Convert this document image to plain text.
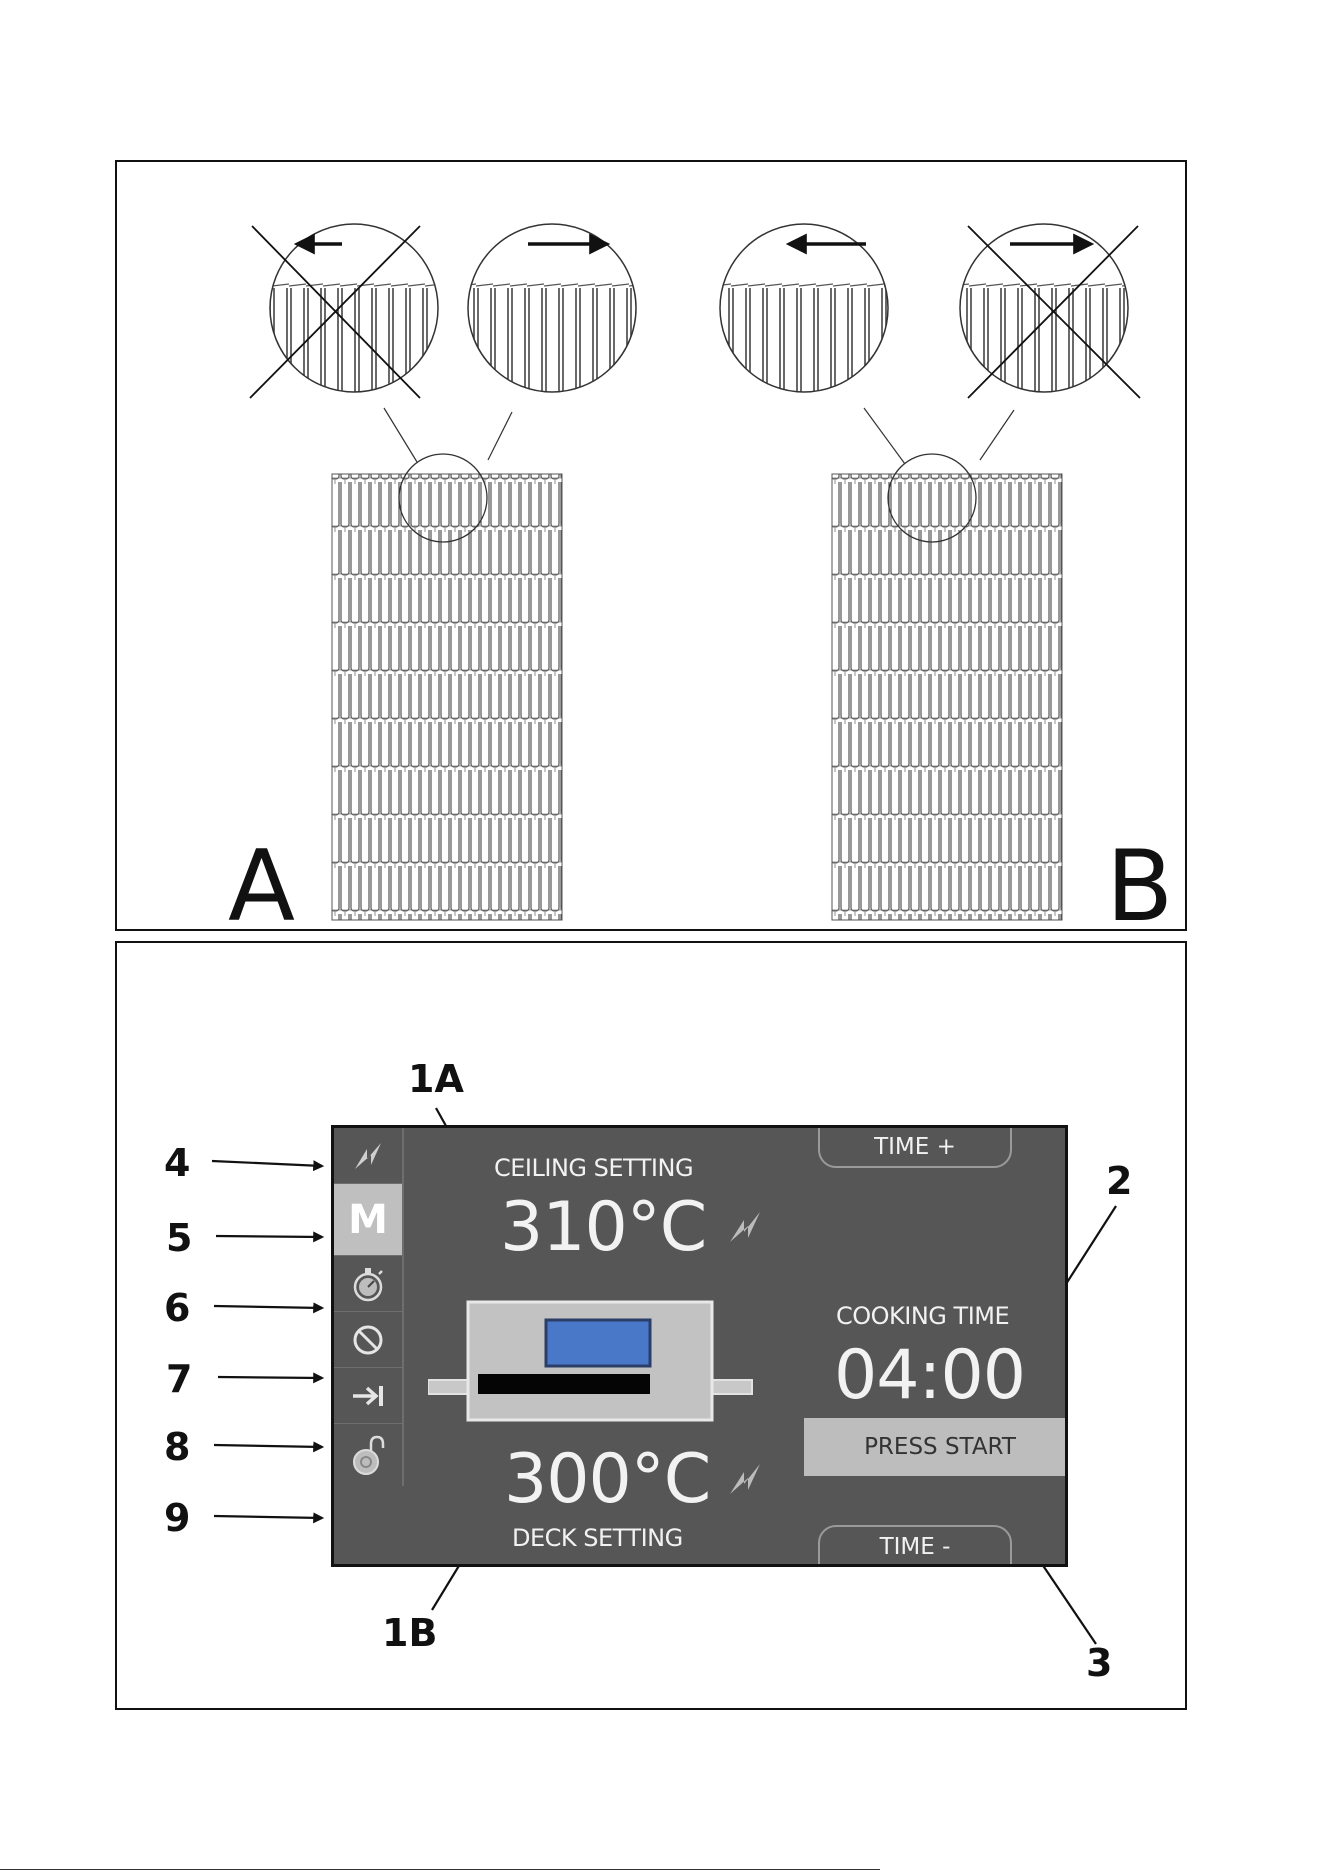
A	B
M
CEILING SETTING
310°C
300°C
DECK SETTING
TIME +
TIME -
COOKING TIME
04:00
PRESS START
4
5
6
7
8
9
1A
1B
2
3
